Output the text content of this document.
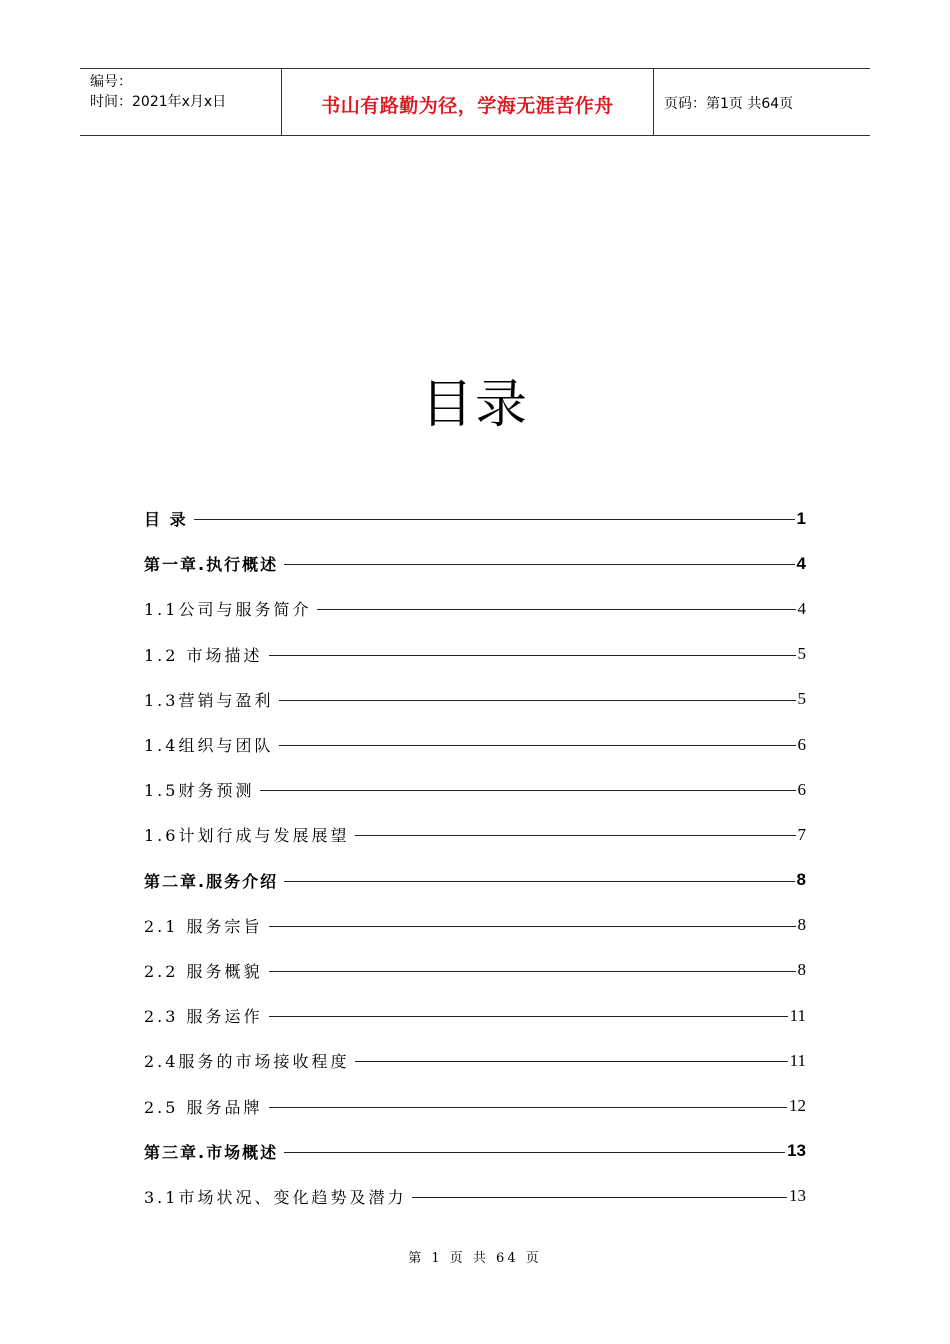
编号：
时间：2021年x月x日	书山有路勤为径，学海无涯苦作舟	页码：第1页 共64页
目录
目 录	1
第一章.执行概述	4
1.1公司与服务简介	4
1.2 市场描述	5
1.3营销与盈利	5
1.4组织与团队	6
1.5财务预测	6
1.6计划行成与发展展望	7
第二章.服务介绍	8
2.1 服务宗旨	8
2.2 服务概貌	8
2.3 服务运作	11
2.4服务的市场接收程度	11
2.5 服务品牌	12
第三章.市场概述	13
3.1市场状况、变化趋势及潜力	13
第 1 页 共 64 页
